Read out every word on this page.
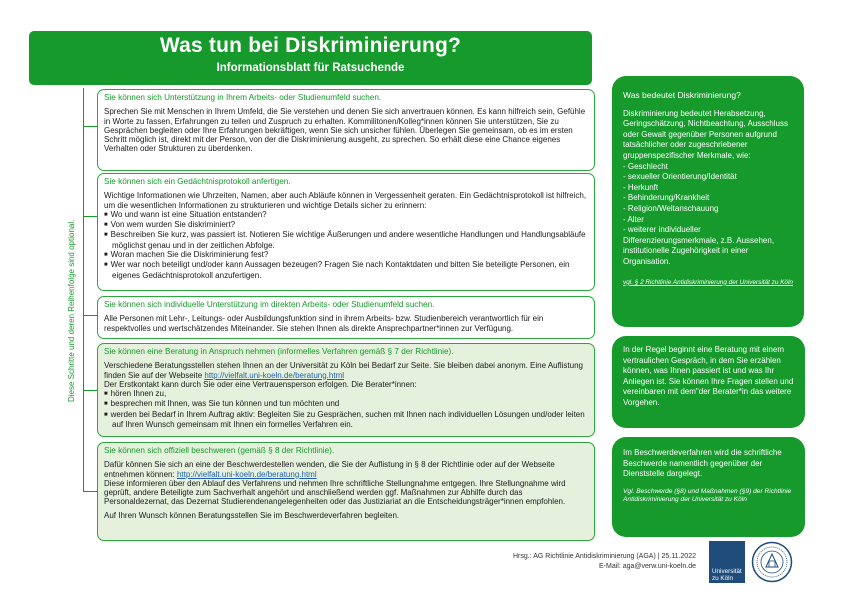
Was tun bei Diskriminierung?
Informationsblatt für Ratsuchende
Diese Schritte und deren Reihenfolge sind optional.
Sie können sich Unterstützung in Ihrem Arbeits- oder Studienumfeld suchen.

Sprechen Sie mit Menschen in Ihrem Umfeld, die Sie verstehen und denen Sie sich anvertrauen können. Es kann hilfreich sein, Gefühle in Worte zu fassen, Erfahrungen zu teilen und Zuspruch zu erhalten. Kommilitonen/Kolleg*innen können Sie unterstützen, Sie zu Gesprächen begleiten oder Ihre Erfahrungen bekräftigen, wenn Sie sich unsicher fühlen. Überlegen Sie gemeinsam, ob es im ersten Schritt möglich ist, direkt mit der Person, von der die Diskriminierung ausgeht, zu sprechen. So erhält diese eine Chance eigenes Verhalten oder Strukturen zu überdenken.

Sie können sich ein Gedächtnisprotokoll anfertigen.

Wichtige Informationen wie Uhrzeiten, Namen, aber auch Abläufe können in Vergessenheit geraten. Ein Gedächtnisprotokoll ist hilfreich, um die wesentlichen Informationen zu strukturieren und wichtige Details sicher zu erinnern:

■ Wo und wann ist eine Situation entstanden?
■ Von wem wurden Sie diskriminiert?
■ Beschreiben Sie kurz, was passiert ist. Notieren Sie wichtige Äußerungen und andere wesentliche Handlungen und Handlungsabläufe möglichst genau und in der zeitlichen Abfolge.
■ Woran machen Sie die Diskriminierung fest?
■ Wer war noch beteiligt und/oder kann Aussagen bezeugen? Fragen Sie nach Kontaktdaten und bitten Sie beteiligte Personen, ein eigenes Gedächtnisprotokoll anzufertigen.
Sie können sich individuelle Unterstützung im direkten Arbeits- oder Studienumfeld suchen.

Alle Personen mit Lehr-, Leitungs- oder Ausbildungsfunktion sind in ihrem Arbeits- bzw. Studienbereich verantwortlich für ein respektvolles und wertschätzendes Miteinander. Sie stehen Ihnen als direkte Ansprechpartner*innen zur Verfügung.

Sie können eine Beratung in Anspruch nehmen (informelles Verfahren gemäß § 7 der Richtlinie).

Verschiedene Beratungsstellen stehen Ihnen an der Universität zu Köln bei Bedarf zur Seite. Sie bleiben dabei anonym. Eine Auflistung finden Sie auf der Webseite http://vielfalt.uni-koeln.de/beratung.html

Der Erstkontakt kann durch Sie oder eine Vertrauensperson erfolgen. Die Berater*innen:

■ hören Ihnen zu,
■ besprechen mit Ihnen, was Sie tun können und tun möchten und
■ werden bei Bedarf in Ihrem Auftrag aktiv: Begleiten Sie zu Gesprächen, suchen mit Ihnen nach individuellen Lösungen und/oder leiten auf Ihren Wunsch gemeinsam mit Ihnen ein formelles Verfahren ein.
Sie können sich offiziell beschweren (gemäß § 8 der Richtlinie).

Dafür können Sie sich an eine der Beschwerdestellen wenden, die Sie der Auflistung in § 8 der Richtlinie oder auf der Webseite entnehmen können: http://vielfalt.uni-koeln.de/beratung.html

Diese informieren über den Ablauf des Verfahrens und nehmen Ihre schriftliche Stellungnahme entgegen. Ihre Stellungnahme wird geprüft, andere Beteiligte zum Sachverhalt angehört und anschließend werden ggf. Maßnahmen zur Abhilfe durch das Personaldezernat, das Dezernat Studierendenangelegenheiten oder das Justiziariat an die Entscheidungsträger*innen empfohlen.

Auf Ihren Wunsch können Beratungsstellen Sie im Beschwerdeverfahren begleiten.

Was bedeutet Diskriminierung?
Diskriminierung bedeutet Herabsetzung, Geringschätzung, Nichtbeachtung, Ausschluss oder Gewalt gegenüber Personen aufgrund tatsächlicher oder zugeschriebener gruppenspezifischer Merkmale, wie:
- Geschlecht
- sexueller Orientierung/Identität
- Herkunft
- Behinderung/Krankheit
- Religion/Weltanschauung
- Alter
- weiterer individueller Differenzierungsmerkmale, z.B. Aussehen, institutionelle Zugehörigkeit in einer Organisation.
vgl. § 2 Richtlinie Antidiskriminierung der Universität zu Köln
In der Regel beginnt eine Beratung mit einem vertraulichen Gespräch, in dem Sie erzählen können, was Ihnen passiert ist und was Ihr Anliegen ist. Sie können Ihre Fragen stellen und vereinbaren mit dem"der Berater*in das weitere Vorgehen.
Im Beschwerdeverfahren wird die schriftliche Beschwerde namentlich gegenüber der Dienststelle dargelegt.
Vgl. Beschwerde (§8) und Maßnahmen (§9) der Richtlinie Antidiskriminierung der Universität zu Köln
Hrsg.: AG Richtlinie Antidiskriminierung (AGA) | 25.11.2022
E-Mail: aga@verw.uni-koeln.de
Universität
zu Köln
